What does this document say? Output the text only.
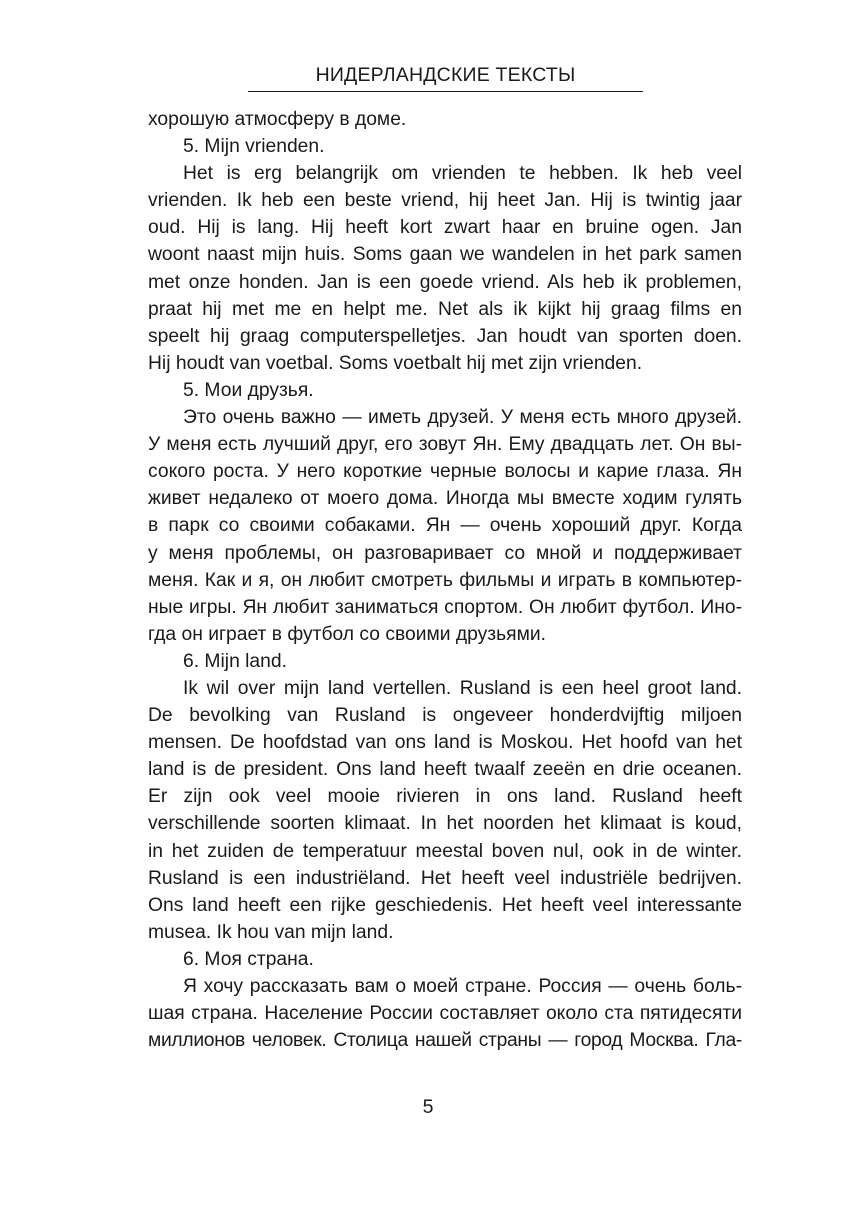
НИДЕРЛАНДСКИЕ ТЕКСТЫ
хорошую атмосферу в доме.
5. Mijn vrienden.
Het is erg belangrijk om vrienden te hebben. Ik heb veel
vrienden. Ik heb een beste vriend, hij heet Jan. Hij is twintig jaar
oud. Hij is lang. Hij heeft kort zwart haar en bruine ogen. Jan
woont naast mijn huis. Soms gaan we wandelen in het park samen
met onze honden. Jan is een goede vriend. Als heb ik problemen,
praat hij met me en helpt me. Net als ik kijkt hij graag films en
speelt hij graag computerspelletjes. Jan houdt van sporten doen.
Hij houdt van voetbal. Soms voetbalt hij met zijn vrienden.
5. Мои друзья.
Это очень важно — иметь друзей. У меня есть много друзей.
У меня есть лучший друг, его зовут Ян. Ему двадцать лет. Он вы-
сокого роста. У него короткие черные волосы и карие глаза. Ян
живет недалеко от моего дома. Иногда мы вместе ходим гулять
в парк со своими собаками. Ян — очень хороший друг. Когда
у меня проблемы, он разговаривает со мной и поддерживает
меня. Как и я, он любит смотреть фильмы и играть в компьютер-
ные игры. Ян любит заниматься спортом. Он любит футбол. Ино-
гда он играет в футбол со своими друзьями.
6. Mijn land.
Ik wil over mijn land vertellen. Rusland is een heel groot land.
De bevolking van Rusland is ongeveer honderdvijftig miljoen
mensen. De hoofdstad van ons land is Moskou. Het hoofd van het
land is de president. Ons land heeft twaalf zeeën en drie oceanen.
Er zijn ook veel mooie rivieren in ons land. Rusland heeft
verschillende soorten klimaat. In het noorden het klimaat is koud,
in het zuiden de temperatuur meestal boven nul, ook in de winter.
Rusland is een industriëland. Het heeft veel industriële bedrijven.
Ons land heeft een rijke geschiedenis. Het heeft veel interessante
musea. Ik hou van mijn land.
6. Моя страна.
Я хочу рассказать вам о моей стране. Россия — очень боль-
шая страна. Население России составляет около ста пятидесяти
миллионов человек. Столица нашей страны — город Москва. Гла-
5
